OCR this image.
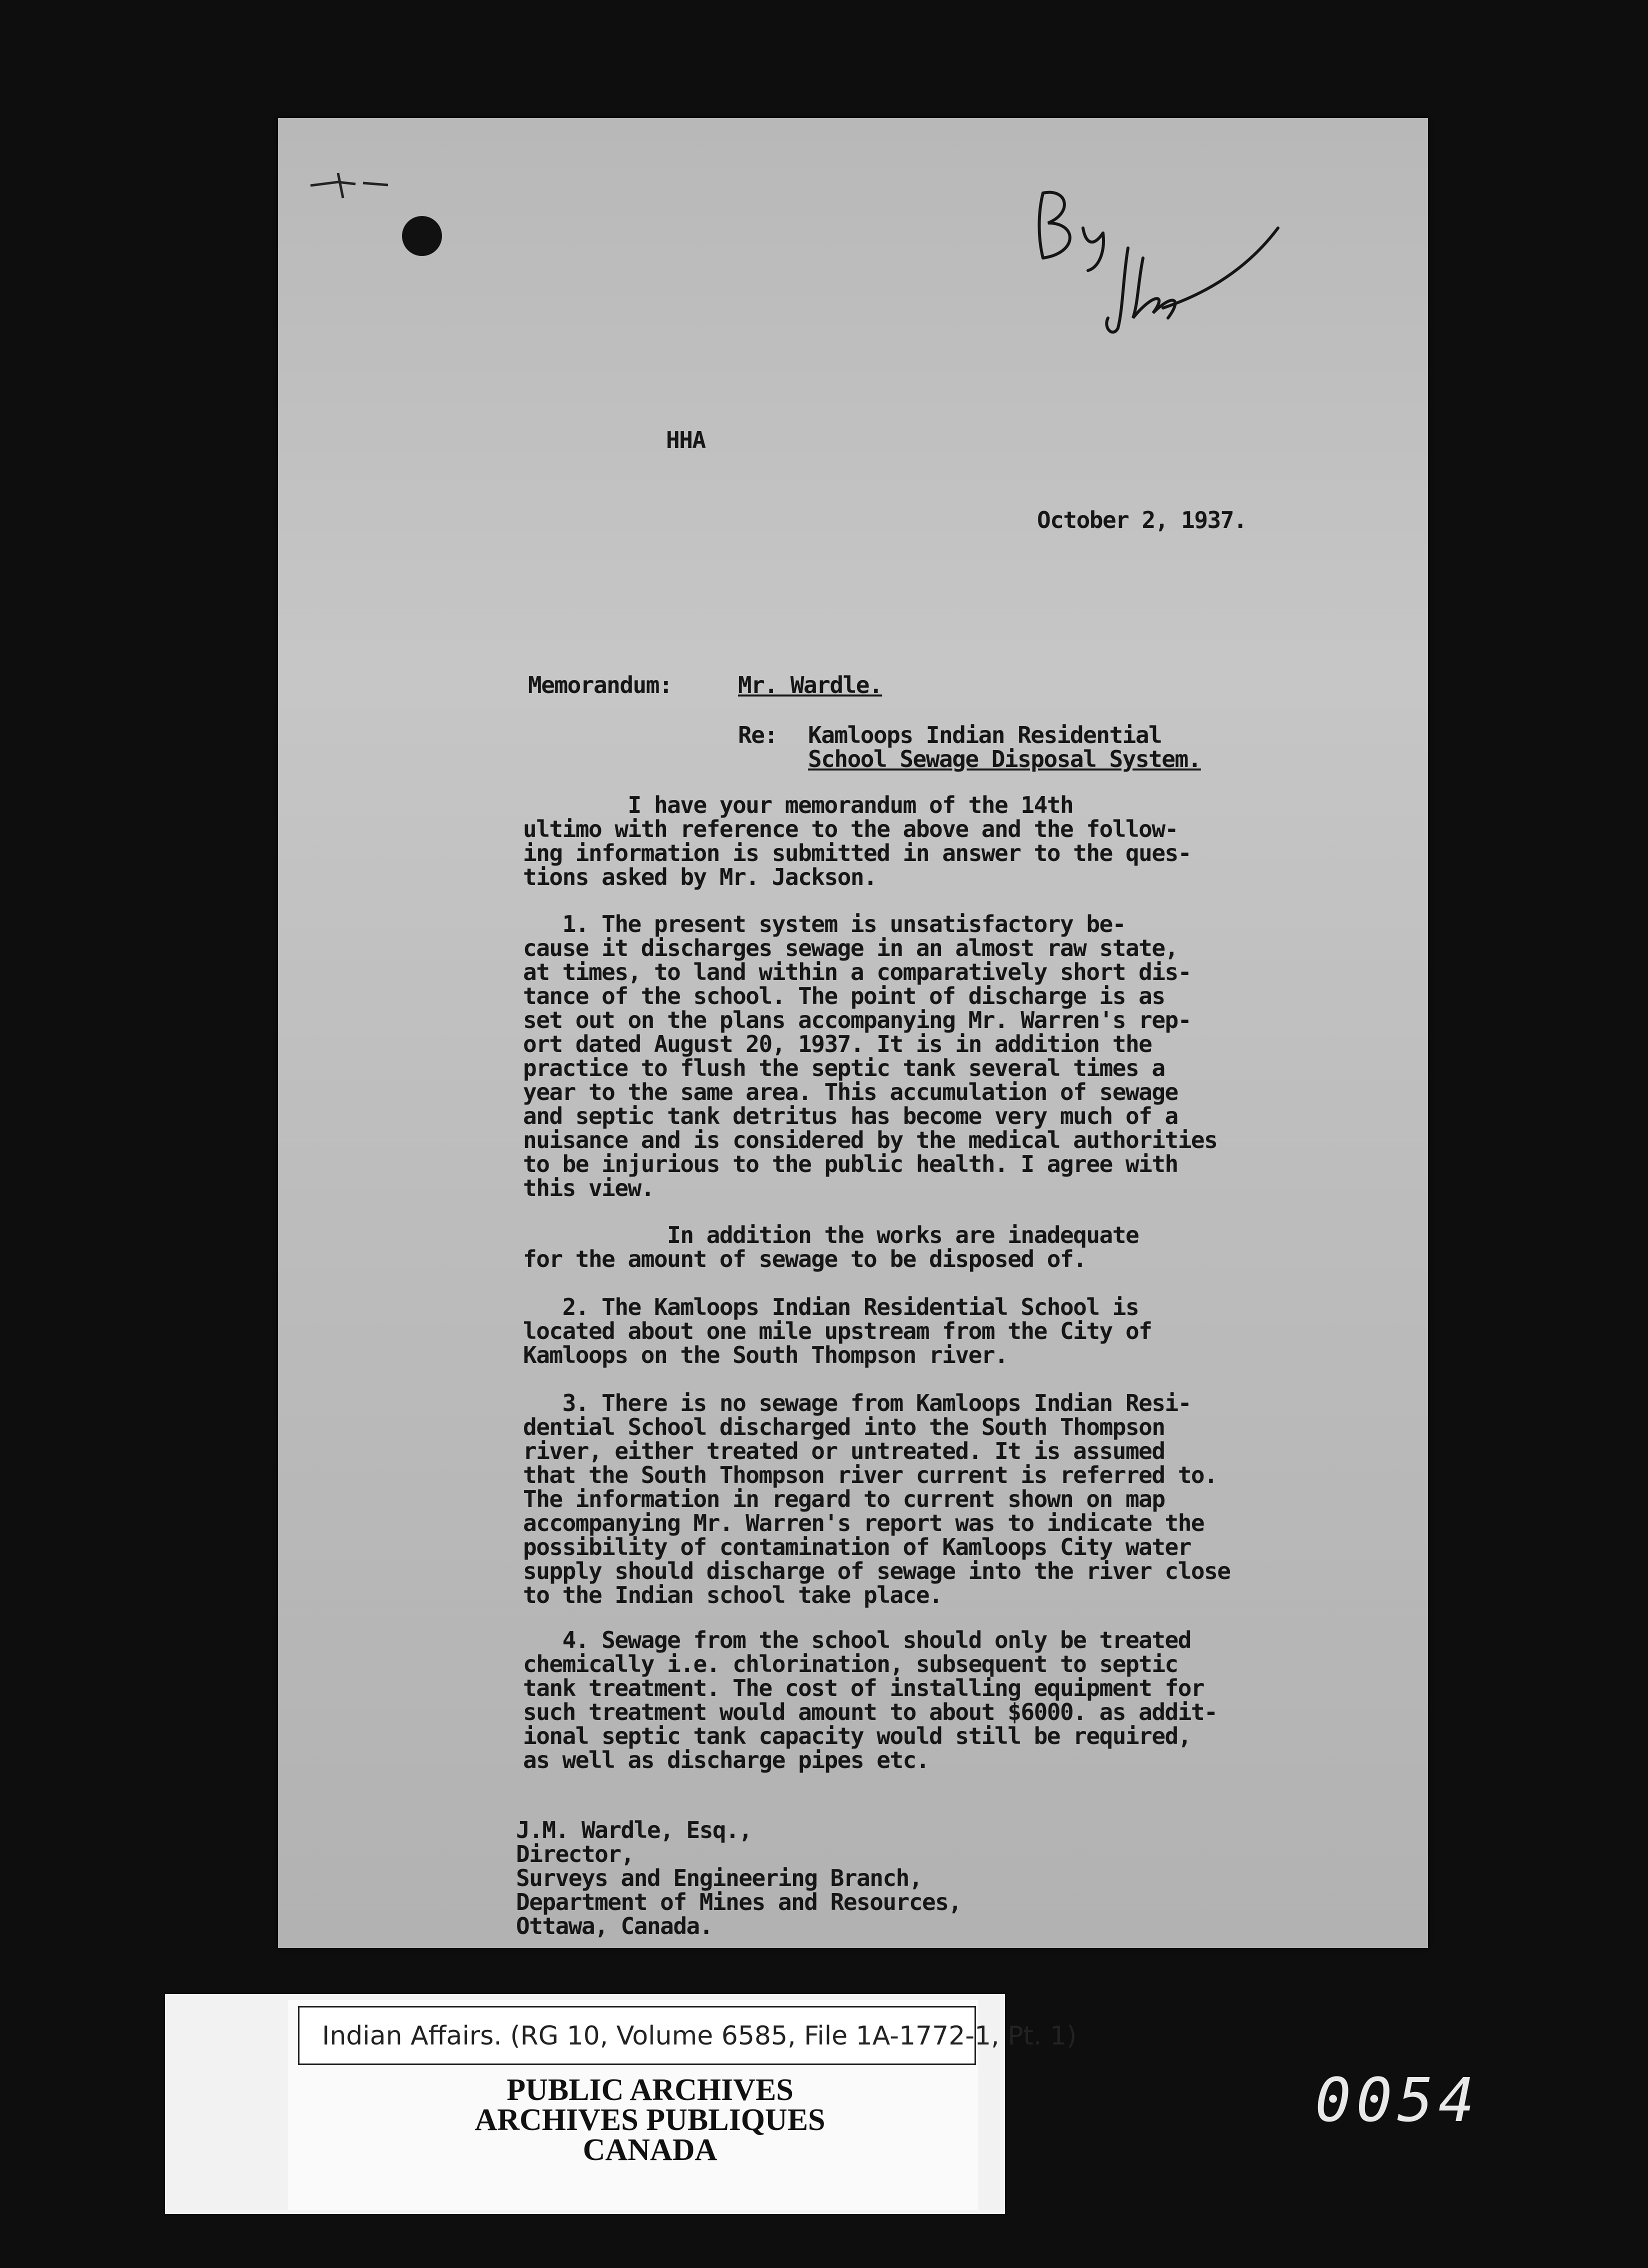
HHA
October 2, 1937.
Memorandum:	Mr. Wardle.
Re: Kamloops Indian Residential
School Sewage Disposal System.
I have your memorandum of the 14th
ultimo with reference to the above and the follow-
ing information is submitted in answer to the ques-
tions asked by Mr. Jackson.
1. The present system is unsatisfactory be-
cause it discharges sewage in an almost raw state,
at times, to land within a comparatively short dis-
tance of the school. The point of discharge is as
set out on the plans accompanying Mr. Warren's rep-
ort dated August 20, 1937. It is in addition the
practice to flush the septic tank several times a
year to the same area. This accumulation of sewage
and septic tank detritus has become very much of a
nuisance and is considered by the medical authorities
to be injurious to the public health. I agree with
this view.
In addition the works are inadequate
for the amount of sewage to be disposed of.
2. The Kamloops Indian Residential School is
located about one mile upstream from the City of
Kamloops on the South Thompson river.
3. There is no sewage from Kamloops Indian Resi-
dential School discharged into the South Thompson
river, either treated or untreated. It is assumed
that the South Thompson river current is referred to.
The information in regard to current shown on map
accompanying Mr. Warren's report was to indicate the
possibility of contamination of Kamloops City water
supply should discharge of sewage into the river close
to the Indian school take place.
4. Sewage from the school should only be treated
chemically i.e. chlorination, subsequent to septic
tank treatment. The cost of installing equipment for
such treatment would amount to about $6000. as addit-
ional septic tank capacity would still be required,
as well as discharge pipes etc.
J.M. Wardle, Esq.,
Director,
Surveys and Engineering Branch,
Department of Mines and Resources,
Ottawa, Canada.
Indian Affairs. (RG 10, Volume 6585, File 1A-1772-1, Pt. 1)
PUBLIC ARCHIVES
ARCHIVES PUBLIQUES
CANADA
0054
